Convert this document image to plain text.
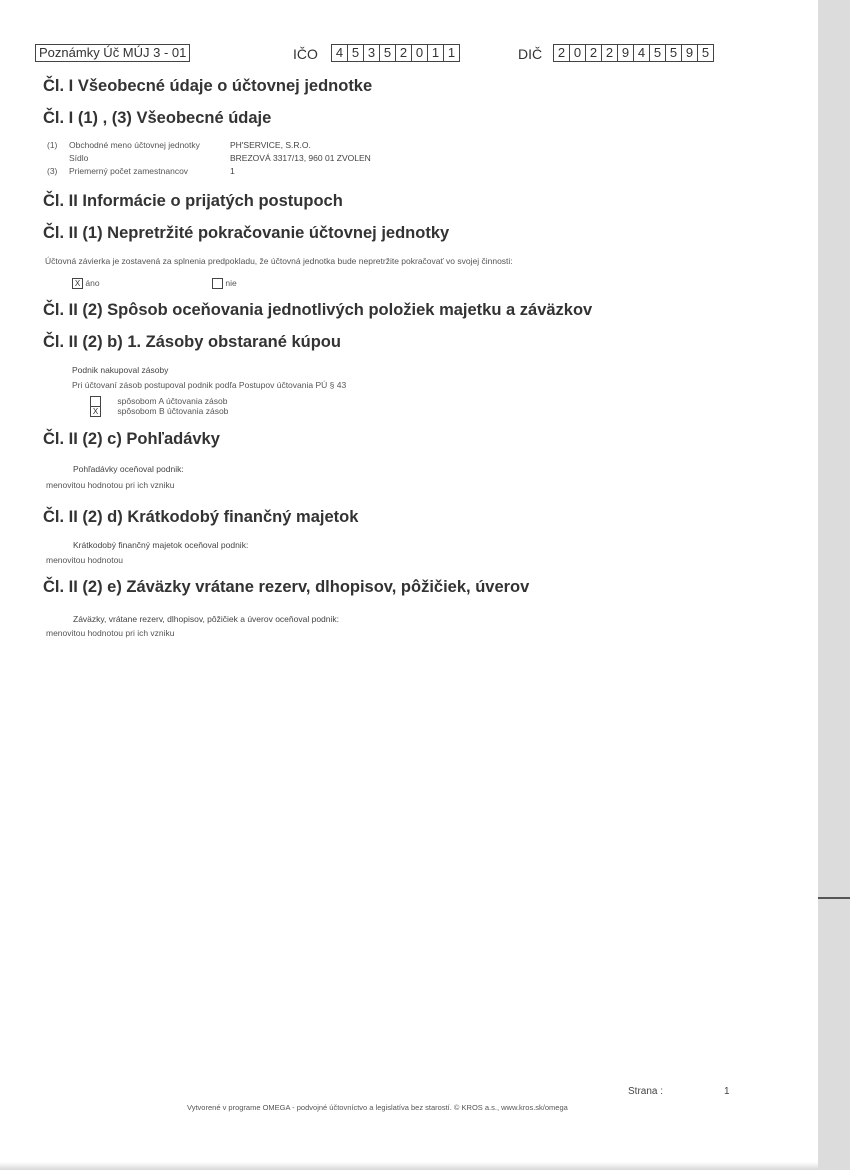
Poznámky Úč MÚJ 3 - 01	IČO 4 5 3 5 2 0 1 1	DIČ 2 0 2 2 9 4 5 5 9 5
Čl. I Všeobecné údaje o účtovnej jednotke
Čl. I (1) , (3) Všeobecné údaje
(1) Obchodné meno účtovnej jednotky	PH'SERVICE, S.R.O.
Sídlo	BREZOVÁ 3317/13, 960 01 ZVOLEN
(3) Priemerný počet zamestnancov	1
Čl. II Informácie o prijatých postupoch
Čl. II (1) Nepretržité pokračovanie účtovnej jednotky
Účtovná závierka je zostavená za splnenia predpokladu, že účtovná jednotka bude nepretržite pokračovať vo svojej činnosti:
X áno	nie
Čl. II (2) Spôsob oceňovania jednotlivých položiek majetku a záväzkov
Čl. II (2) b) 1. Zásoby obstarané kúpou
Podnik nakupoval zásoby
Pri účtovaní zásob postupoval podnik podľa Postupov účtovania PÚ § 43
spôsobom A účtovania zásob
X spôsobom B účtovania zásob
Čl. II (2) c) Pohľadávky
Pohľadávky oceňoval podnik:
menovitou hodnotou pri ich vzniku
Čl. II (2) d) Krátkodobý finančný majetok
Krátkodobý finančný majetok oceňoval podnik:
menovitou hodnotou
Čl. II (2) e) Záväzky vrátane rezerv, dlhopisov, pôžičiek, úverov
Záväzky, vrátane rezerv, dlhopisov, pôžičiek a úverov oceňoval podnik:
menovitou hodnotou pri ich vzniku
Strana :	1
Vytvorené v programe OMEGA - podvojné účtovníctvo a legislatíva bez starostí. © KROS a.s., www.kros.sk/omega
